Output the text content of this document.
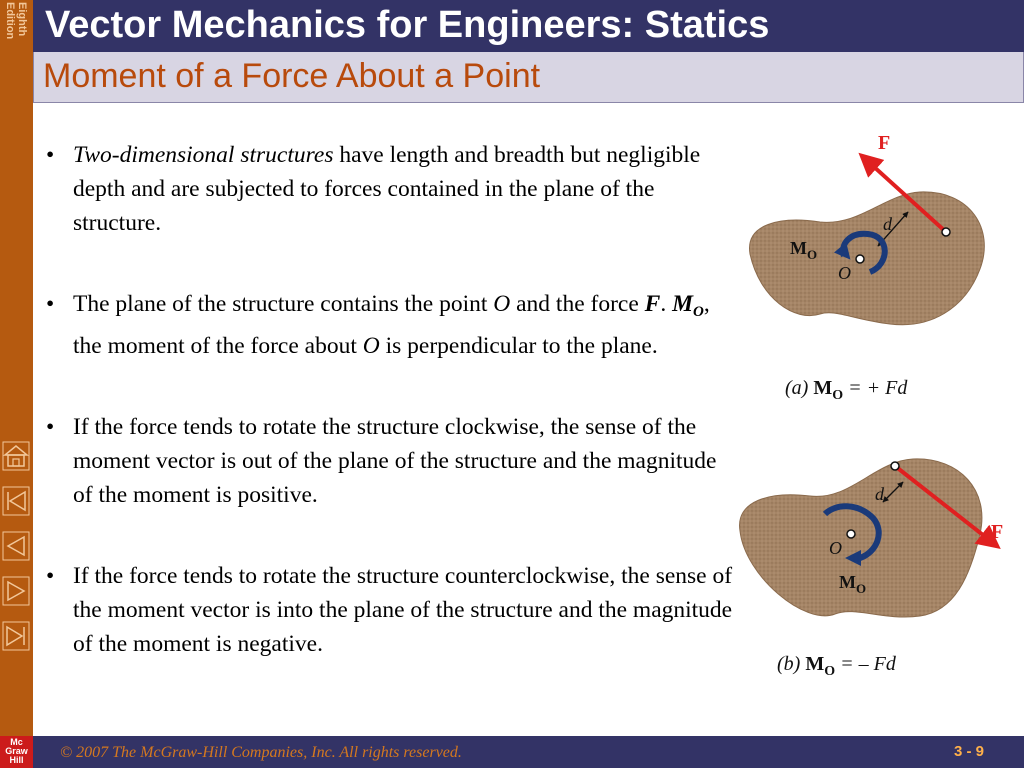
Eighth
Edition
Mc
Graw
Hill
Vector Mechanics for Engineers: Statics
Moment of a Force About a Point
• Two-dimensional structures have length and breadth but negligible depth and are subjected to forces contained in the plane of the structure.
• The plane of the structure contains the point O and the force F. $M_O$, the moment of the force about O is perpendicular to the plane.
• If the force tends to rotate the structure clockwise, the sense of the moment vector is out of the plane of the structure and the magnitude of the moment is positive.
• If the force tends to rotate the structure counterclockwise, the sense of the moment vector is into the plane of the structure and the magnitude of the moment is negative.
F
d
O
$M_O$
(a) $M_O$ = + Fd
F
d
O
$M_O$
(b) $M_O$ = – Fd
© 2007 The McGraw-Hill Companies, Inc. All rights reserved.	3 - 9
